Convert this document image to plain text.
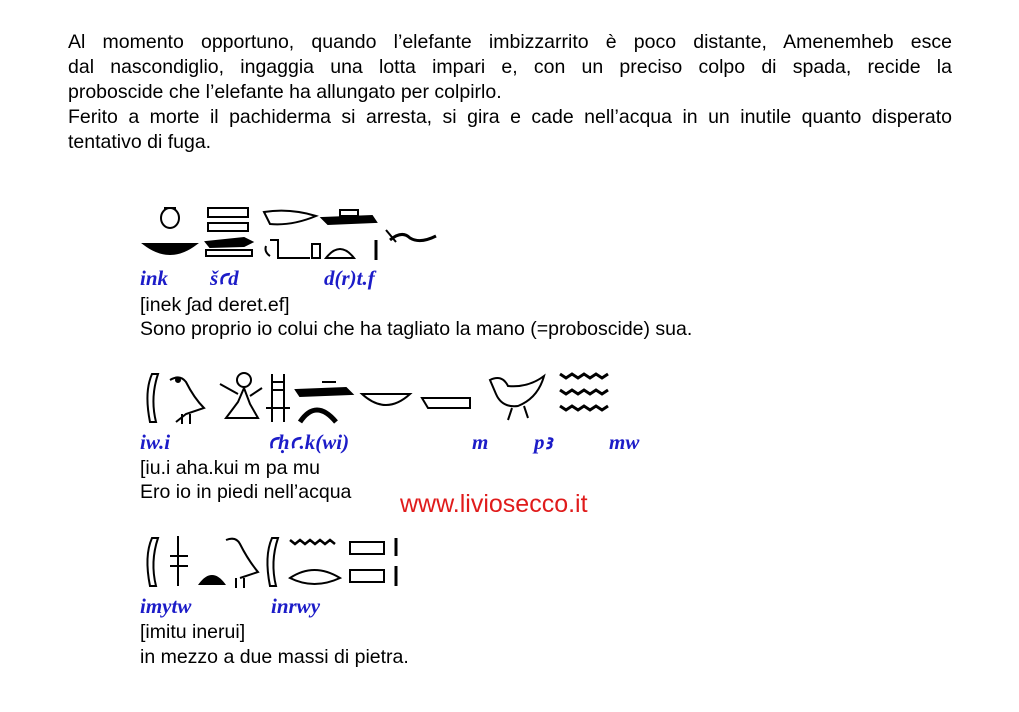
Al momento opportuno, quando l’elefante imbizzarrito è poco distante, Amenemheb esce

dal nascondiglio, ingaggia una lotta impari e, con un preciso colpo di spada, recide la

proboscide che l’elefante ha allungato per colpirlo.

Ferito a morte il pachiderma si arresta, si gira e cade nell’acqua in un inutile quanto disperato

tentativo di fuga.

ink šꜥd	d(r)t.f
[inek ʃad deret.ef]
Sono proprio io colui che ha tagliato la mano (=proboscide) sua.
iw.i	ꜥḥꜥ.k(wi)	m pꜣ	mw
[iu.i aha.kui m pa mu
Ero io in piedi nell’acqua www.liviosecco.it
imytw	inrwy
[imitu inerui]
in mezzo a due massi di pietra.
